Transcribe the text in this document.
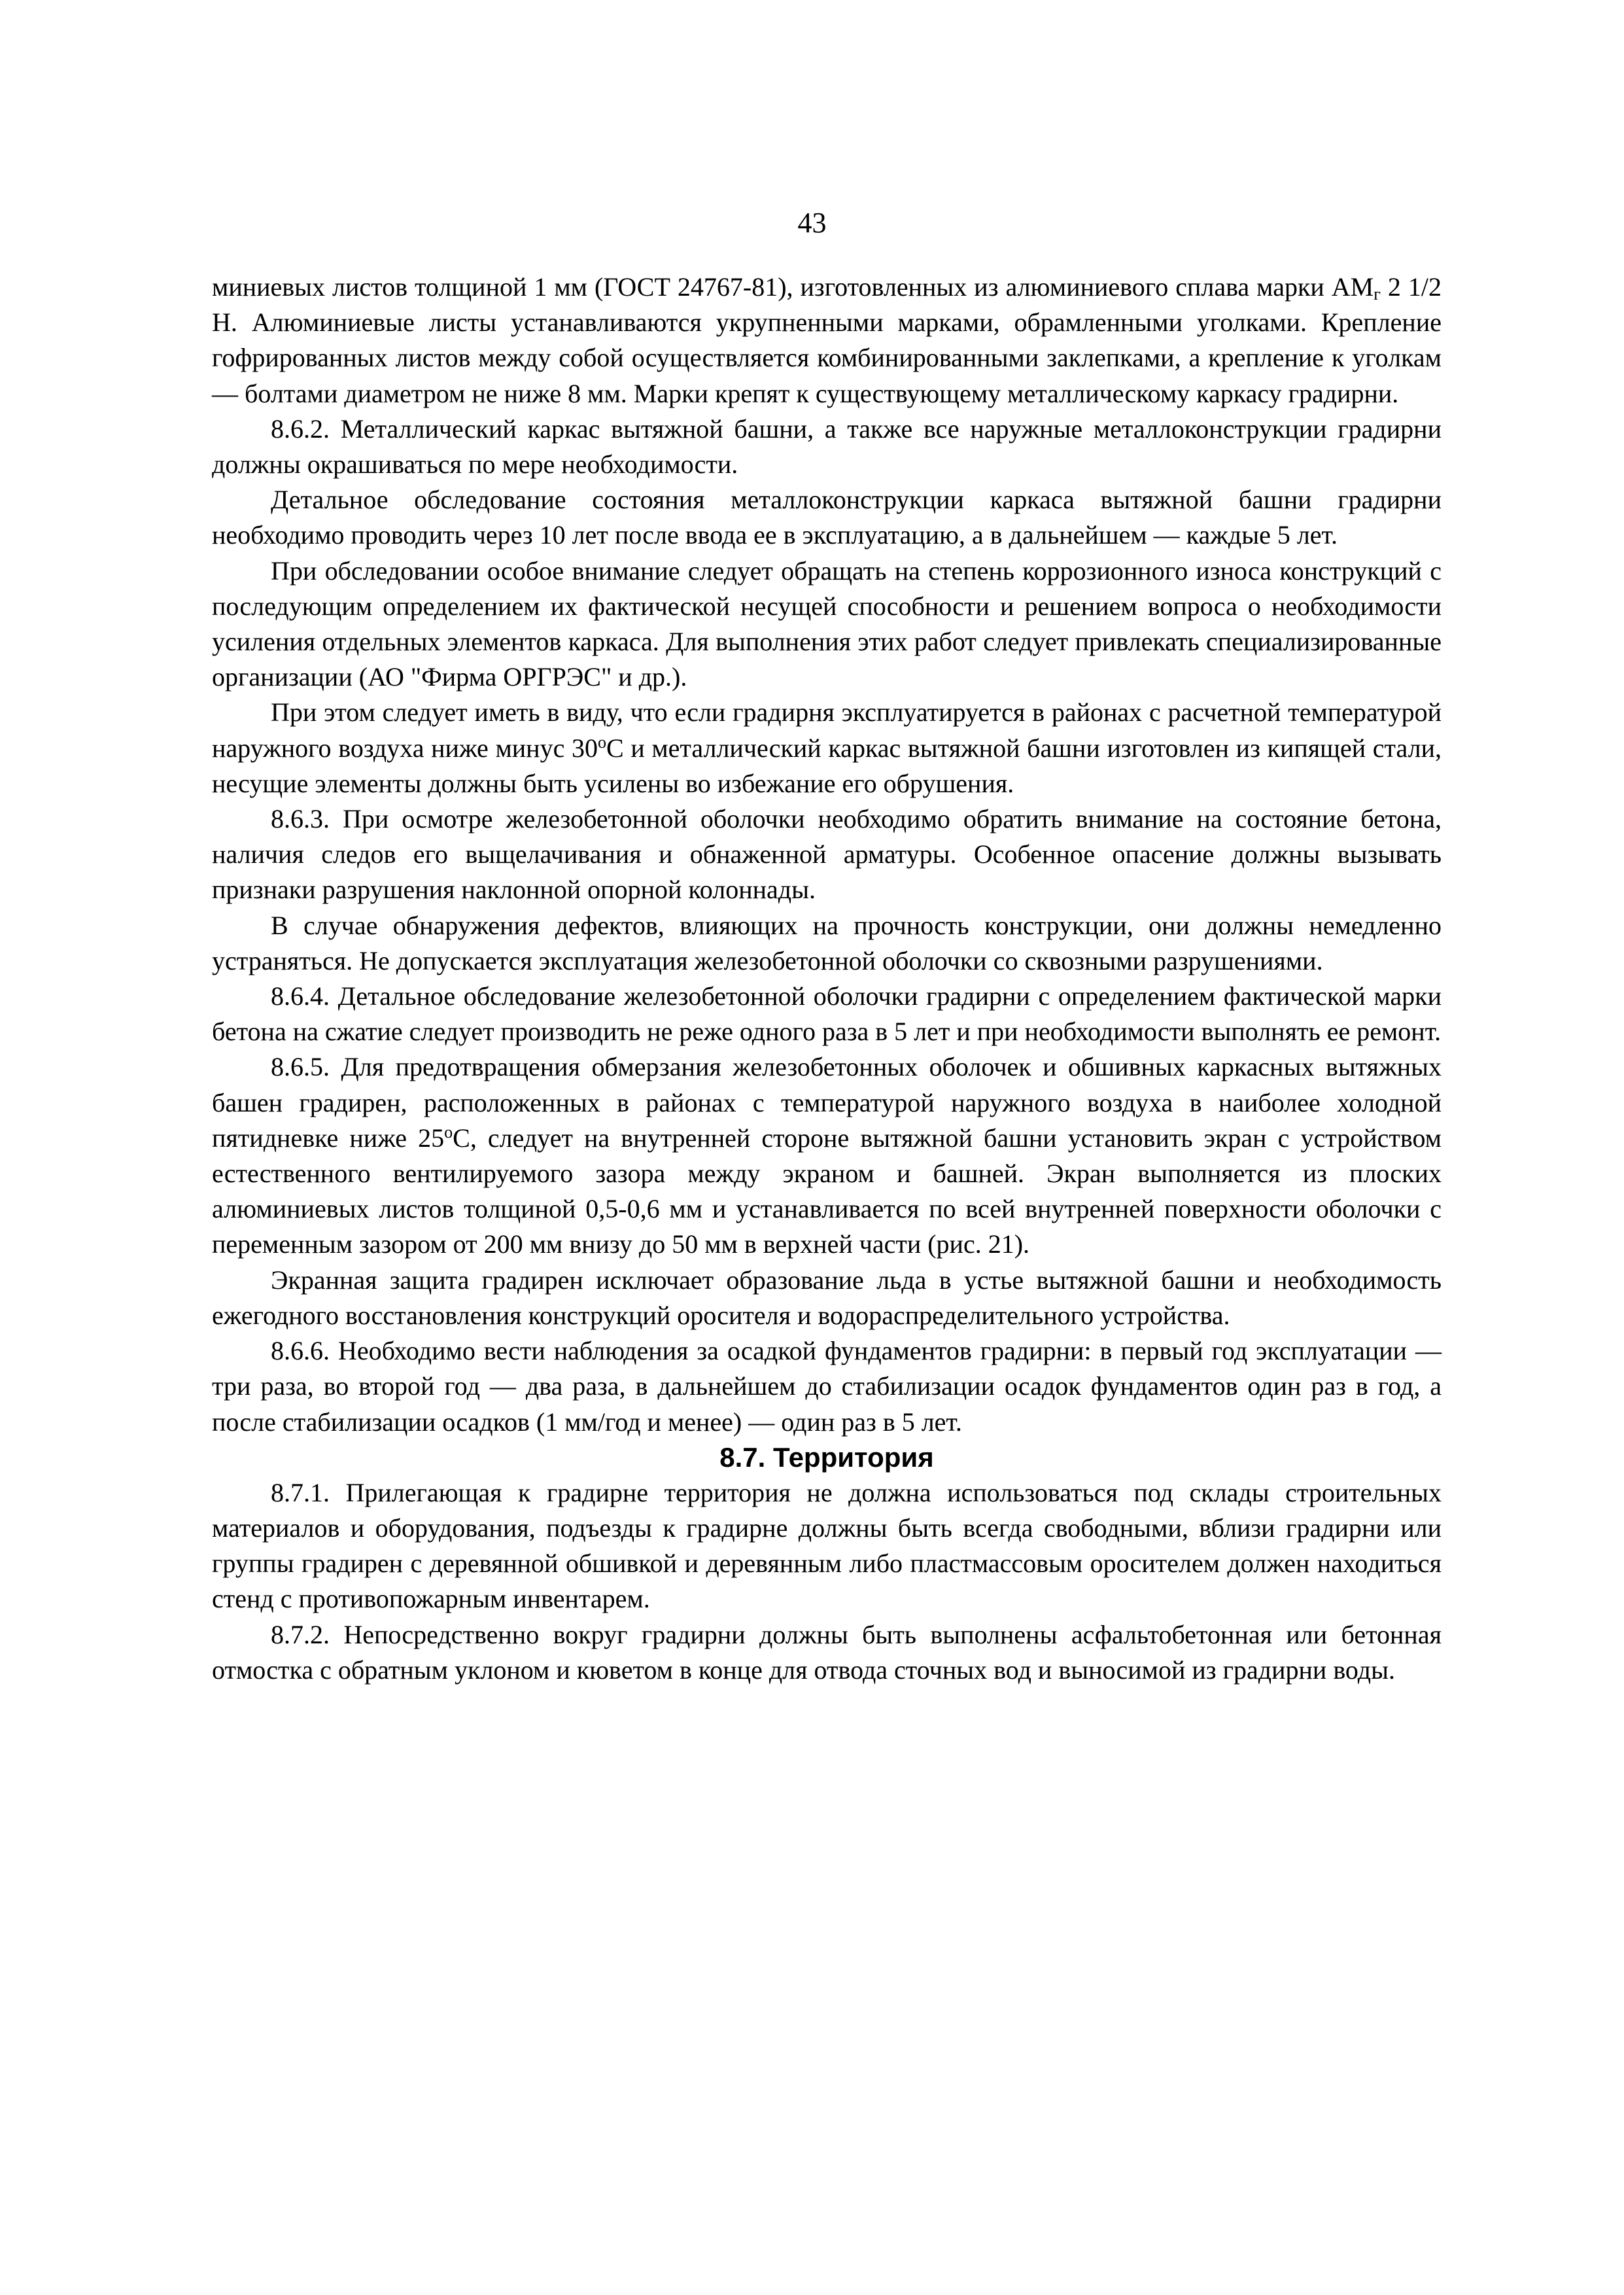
43

миниевых листов толщиной 1 мм (ГОСТ 24767-81), изготовленных из алюминиевого сплава марки $АМ_г$ 2 1/2 Н. Алюминиевые листы устанавливаются укрупненными марками, обрамленными уголками. Крепление гофрированных листов между собой осуществляется комбинированными заклепками, а крепление к уголкам — болтами диаметром не ниже 8 мм. Марки крепят к существующему металлическому каркасу градирни.

8.6.2. Металлический каркас вытяжной башни, а также все наружные металлоконструкции градирни должны окрашиваться по мере необходимости.

Детальное обследование состояния металлоконструкции каркаса вытяжной башни градирни необходимо проводить через 10 лет после ввода ее в эксплуатацию, а в дальнейшем — каждые 5 лет.

При обследовании особое внимание следует обращать на степень коррозионного износа конструкций с последующим определением их фактической несущей способности и решением вопроса о необходимости усиления отдельных элементов каркаса. Для выполнения этих работ следует привлекать специализированные организации (АО "Фирма ОРГРЭС" и др.).

При этом следует иметь в виду, что если градирня эксплуатируется в районах с расчетной температурой наружного воздуха ниже минус $30^оС$ и металлический каркас вытяжной башни изготовлен из кипящей стали, несущие элементы должны быть усилены во избежание его обрушения.

8.6.3. При осмотре железобетонной оболочки необходимо обратить внимание на состояние бетона, наличия следов его выщелачивания и обнаженной арматуры. Особенное опасение должны вызывать признаки разрушения наклонной опорной колоннады.

В случае обнаружения дефектов, влияющих на прочность конструкции, они должны немедленно устраняться. Не допускается эксплуатация железобетонной оболочки со сквозными разрушениями.

8.6.4. Детальное обследование железобетонной оболочки градирни с определением фактической марки бетона на сжатие следует производить не реже одного раза в 5 лет и при необходимости выполнять ее ремонт.

8.6.5. Для предотвращения обмерзания железобетонных оболочек и обшивных каркасных вытяжных башен градирен, расположенных в районах с температурой наружного воздуха в наиболее холодной пятидневке ниже $25^оС$, следует на внутренней стороне вытяжной башни установить экран с устройством естественного вентилируемого зазора между экраном и башней. Экран выполняется из плоских алюминиевых листов толщиной 0,5-0,6 мм и устанавливается по всей внутренней поверхности оболочки с переменным зазором от 200 мм внизу до 50 мм в верхней части (рис. 21).

Экранная защита градирен исключает образование льда в устье вытяжной башни и необходимость ежегодного восстановления конструкций оросителя и водораспределительного устройства.

8.6.6. Необходимо вести наблюдения за осадкой фундаментов градирни: в первый год эксплуатации — три раза, во второй год — два раза, в дальнейшем до стабилизации осадок фундаментов один раз в год, а после стабилизации осадков (1 мм/год и менее) — один раз в 5 лет.

8.7. Территория

8.7.1. Прилегающая к градирне территория не должна использоваться под склады строительных материалов и оборудования, подъезды к градирне должны быть всегда свободными, вблизи градирни или группы градирен с деревянной обшивкой и деревянным либо пластмассовым оросителем должен находиться стенд с противопожарным инвентарем.

8.7.2. Непосредственно вокруг градирни должны быть выполнены асфальтобетонная или бетонная отмостка с обратным уклоном и кюветом в конце для отвода сточных вод и выносимой из градирни воды.
